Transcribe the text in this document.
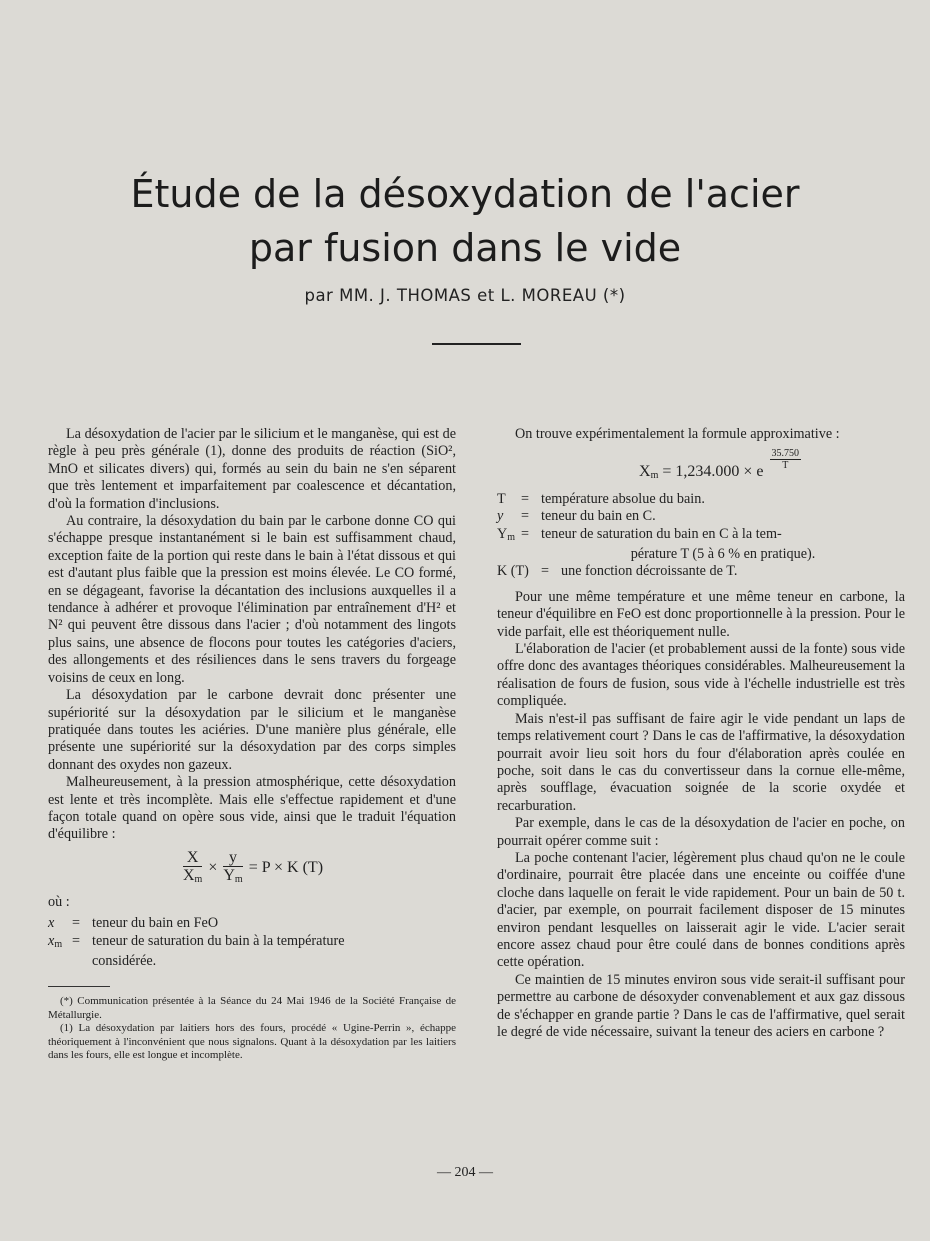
Étude de la désoxydation de l'acier
par fusion dans le vide
par MM. J. THOMAS et L. MOREAU (*)

La désoxydation de l'acier par le silicium et le manganèse, qui est de règle à peu près générale (1), donne des produits de réaction (SiO², MnO et silicates divers) qui, formés au sein du bain ne s'en séparent que très lentement et imparfaitement par coalescence et décantation, d'où la formation d'inclusions.

Au contraire, la désoxydation du bain par le carbone donne CO qui s'échappe presque instantanément si le bain est suffisamment chaud, exception faite de la portion qui reste dans le bain à l'état dissous et qui est d'autant plus faible que la pression est moins élevée. Le CO formé, en se dégageant, favorise la décantation des inclusions auxquelles il a tendance à adhérer et provoque l'élimination par entraînement d'H² et N² qui peuvent être dissous dans l'acier ; d'où notamment des lingots plus sains, une absence de flocons pour toutes les catégories d'aciers, des allongements et des résiliences dans le sens travers du forgeage voisins de ceux en long.

La désoxydation par le carbone devrait donc présenter une supériorité sur la désoxydation par le silicium et le manganèse pratiquée dans toutes les aciéries. D'une manière plus générale, elle présente une supériorité sur la désoxydation par des corps simples donnant des oxydes non gazeux.

Malheureusement, à la pression atmosphérique, cette désoxydation est lente et très incomplète. Mais elle s'effectue rapidement et d'une façon totale quand on opère sous vide, ainsi que le traduit l'équation d'équilibre :

$\frac{X}{X_m} \times \frac{y}{Y_m} = P \times K$ (T)

où :

x	= teneur du bain en FeO
$x_m$ = teneur de saturation du bain à la température
considérée.

(*) Communication présentée à la Séance du 24 Mai 1946 de la Société Française de Métallurgie.

(1) La désoxydation par laitiers hors des fours, procédé « Ugine-Perrin », échappe théoriquement à l'inconvénient que nous signalons. Quant à la désoxydation par les laitiers dans les fours, elle est longue et incomplète.

On trouve expérimentalement la formule approximative :

$X_m = 1,234.000 \times e$
$\frac{35.750}{T}$
T	= température absolue du bain.
y	= teneur du bain en C.
$Y_m$ = teneur de saturation du bain en C à la tem-
pérature T (5 à 6 % en pratique).
K (T) = une fonction décroissante de T.

Pour une même température et une même teneur en carbone, la teneur d'équilibre en FeO est donc proportionnelle à la pression. Pour le vide parfait, elle est théoriquement nulle.

L'élaboration de l'acier (et probablement aussi de la fonte) sous vide offre donc des avantages théoriques considérables. Malheureusement la réalisation de fours de fusion, sous vide à l'échelle industrielle est très compliquée.

Mais n'est-il pas suffisant de faire agir le vide pendant un laps de temps relativement court ? Dans le cas de l'affirmative, la désoxydation pourrait avoir lieu soit hors du four d'élaboration après coulée en poche, soit dans le cas du convertisseur dans la cornue elle-même, après soufflage, évacuation soignée de la scorie oxydée et recarburation.

Par exemple, dans le cas de la désoxydation de l'acier en poche, on pourrait opérer comme suit :

La poche contenant l'acier, légèrement plus chaud qu'on ne le coule d'ordinaire, pourrait être placée dans une enceinte ou coiffée d'une cloche dans laquelle on ferait le vide rapidement. Pour un bain de 50 t. d'acier, par exemple, on pourrait facilement disposer de 15 minutes environ pendant lesquelles on laisserait agir le vide. L'acier serait encore assez chaud pour être coulé dans de bonnes conditions après cette opération.

Ce maintien de 15 minutes environ sous vide serait-il suffisant pour permettre au carbone de désoxyder convenablement et aux gaz dissous de s'échapper en grande partie ? Dans le cas de l'affirmative, quel serait le degré de vide nécessaire, suivant la teneur des aciers en carbone ?

— 204 —
